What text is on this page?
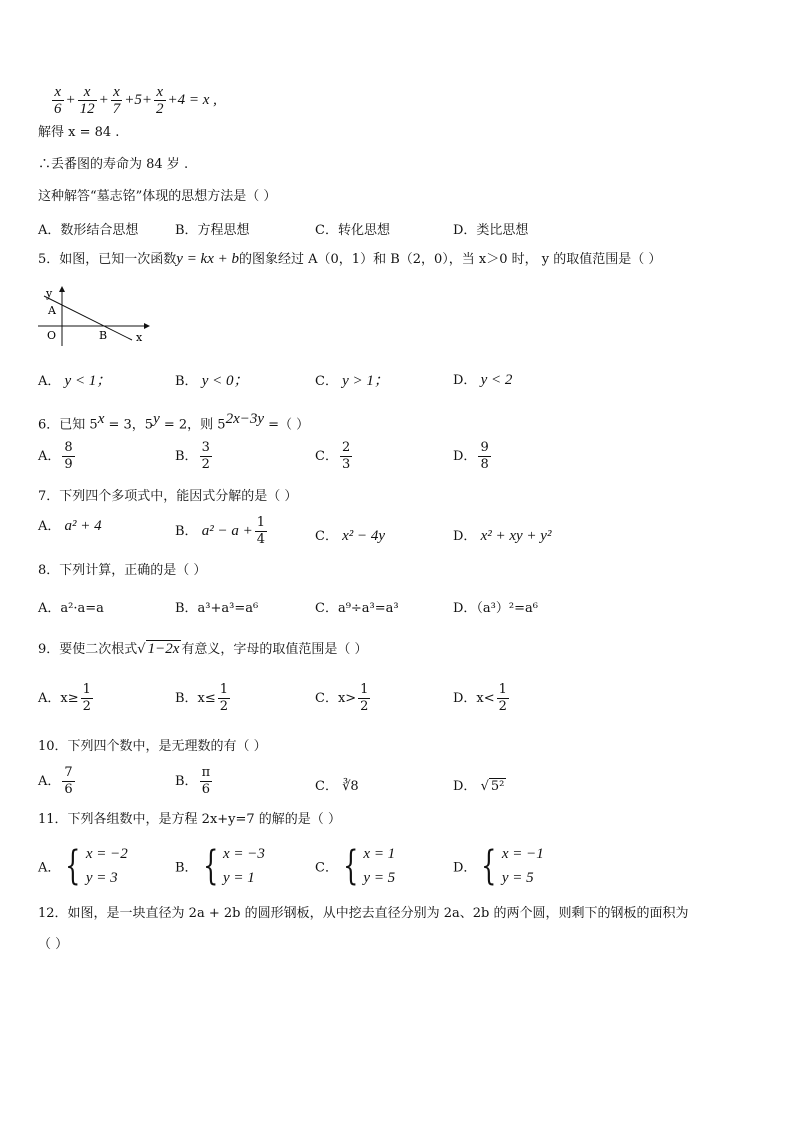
$\frac{x}{6} + \frac{x}{12} + \frac{x}{7} +5+ \frac{x}{2} +4 = x$ ,
解得 x = 84 .
∴丢番图的寿命为 84 岁 .
这种解答“墓志铭”体现的思想方法是（ ）
A．数形结合思想	B．方程思想	C．转化思想	D．类比思想
5．如图，已知一次函数y = kx + b的图象经过 A（0，1）和 B（2，0），当 x＞0 时， y 的取值范围是（ ）
y
A
O	B	x
A． y < 1；	B． y < 0；	C． y > 1；	D． y < 2
6．已知 $5^x = 3$，$5^y = 2$，则 $5^{2x-3y}$ =（ ）
A． $\frac{8}{9}$	B． $\frac{3}{2}$	C． $\frac{2}{3}$	D． $\frac{9}{8}$
7．下列四个多项式中，能因式分解的是（ ）
A． a² + 4	B． $a^2 - a + \frac{1}{4}$	C． x² − 4y	D． x² + xy + y²
8．下列计算，正确的是（ ）
A．a²·a=a	B．a³+a³=a⁶	C．a⁹÷a³=a³	D．（a³）²=a⁶
9．要使二次根式√ 1−2x 有意义，字母的取值范围是（ ）
A．$x\ge \frac{1}{2}$	B．$x\le \frac{1}{2}$	C．$x> \frac{1}{2}$	D．$x< \frac{1}{2}$
10．下列四个数中，是无理数的有（ ）
A． $\frac{7}{6}$	B． $\frac{\pi}{6}$	C． ∛8	D． √ 5²
11．下列各组数中，是方程 2x+y=7 的解的是（ ）
A． { x = −2
y = 3
B． { x = −3
y = 1
C． { x = 1
y = 5
D． { x = −1
y = 5
12．如图，是一块直径为 2a + 2b 的圆形钢板，从中挖去直径分别为 2a、2b 的两个圆，则剩下的钢板的面积为
（ ）
